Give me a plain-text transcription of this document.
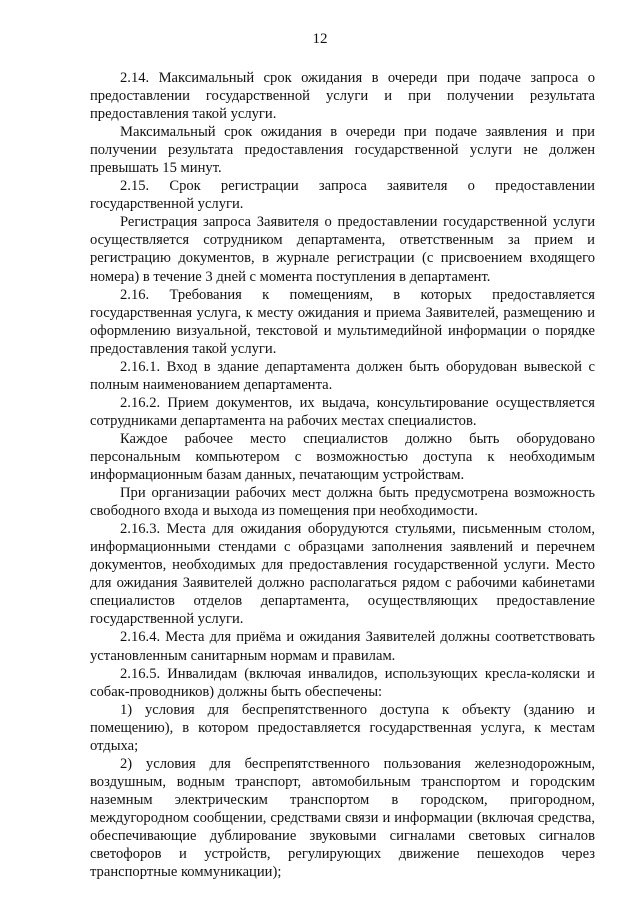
12

2.14. Максимальный срок ожидания в очереди при подаче запроса о предоставлении государственной услуги и при получении результата предоставления такой услуги.

Максимальный срок ожидания в очереди при подаче заявления и при получении результата предоставления государственной услуги не должен превышать 15 минут.

2.15. Срок регистрации запроса заявителя о предоставлении государственной услуги.

Регистрация запроса Заявителя о предоставлении государственной услуги осуществляется сотрудником департамента, ответственным за прием и регистрацию документов, в журнале регистрации (с присвоением входящего номера) в течение 3 дней с момента поступления в департамент.

2.16. Требования к помещениям, в которых предоставляется государственная услуга, к месту ожидания и приема Заявителей, размещению и оформлению визуальной, текстовой и мультимедийной информации о порядке предоставления такой услуги.

2.16.1. Вход в здание департамента должен быть оборудован вывеской с полным наименованием департамента.

2.16.2. Прием документов, их выдача, консультирование осуществляется сотрудниками департамента на рабочих местах специалистов.

Каждое рабочее место специалистов должно быть оборудовано персональным компьютером с возможностью доступа к необходимым информационным базам данных, печатающим устройствам.

При организации рабочих мест должна быть предусмотрена возможность свободного входа и выхода из помещения при необходимости.

2.16.3. Места для ожидания оборудуются стульями, письменным столом, информационными стендами с образцами заполнения заявлений и перечнем документов, необходимых для предоставления государственной услуги. Место для ожидания Заявителей должно располагаться рядом с рабочими кабинетами специалистов отделов департамента, осуществляющих предоставление государственной услуги.

2.16.4. Места для приёма и ожидания Заявителей должны соответствовать установленным санитарным нормам и правилам.

2.16.5. Инвалидам (включая инвалидов, использующих кресла-коляски и собак-проводников) должны быть обеспечены:

1) условия для беспрепятственного доступа к объекту (зданию и помещению), в котором предоставляется государственная услуга, к местам отдыха;

2) условия для беспрепятственного пользования железнодорожным, воздушным, водным транспорт, автомобильным транспортом и городским наземным электрическим транспортом в городском, пригородном, междугородном сообщении, средствами связи и информации (включая средства, обеспечивающие дублирование звуковыми сигналами световых сигналов светофоров и устройств, регулирующих движение пешеходов через транспортные коммуникации);
